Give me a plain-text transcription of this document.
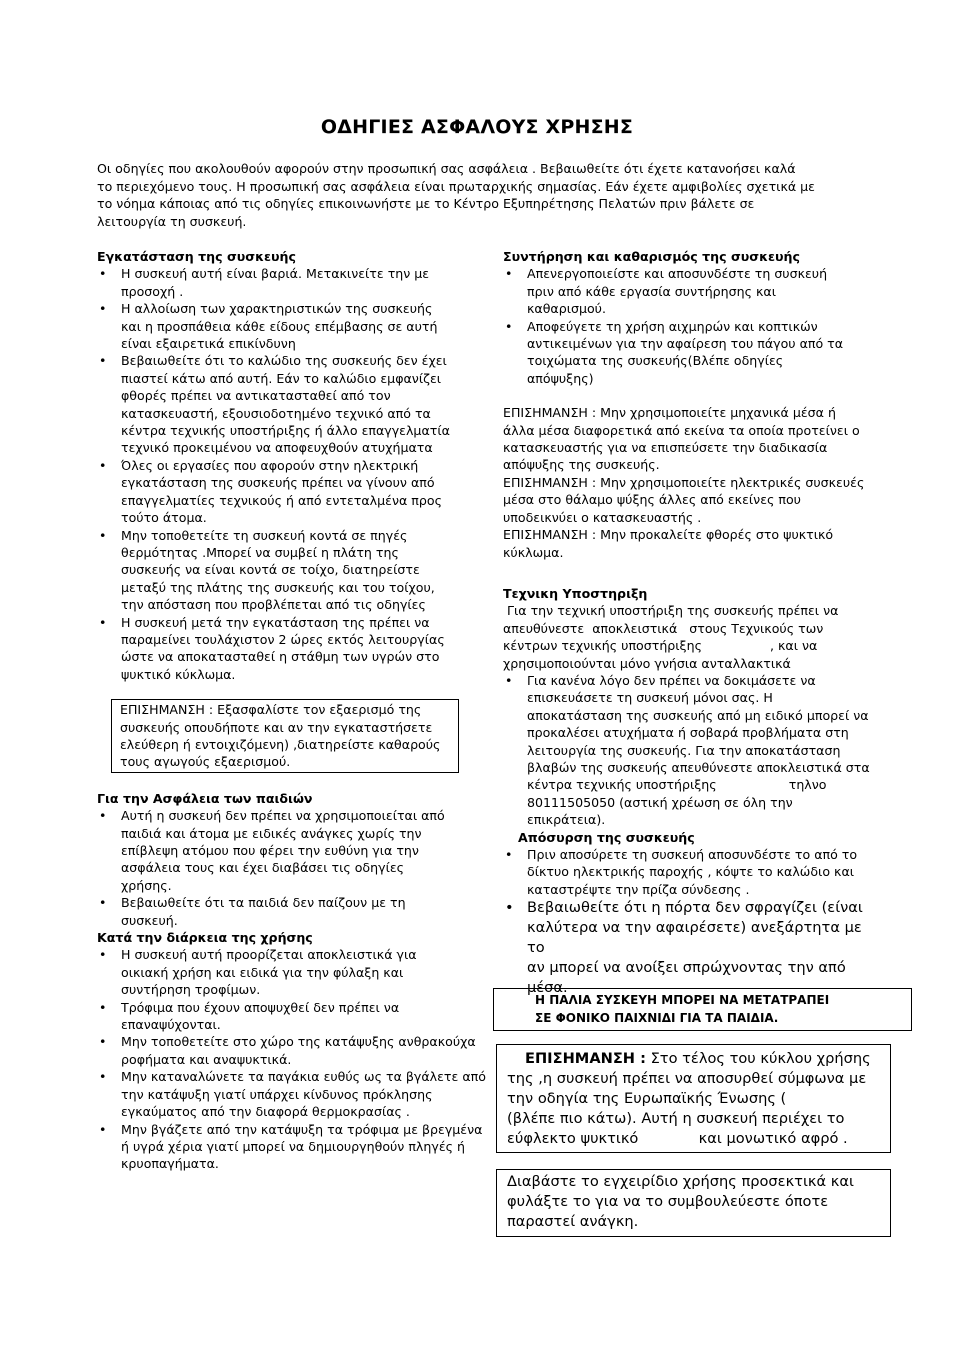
ΟΔΗΓΙΕΣ ΑΣΦΑΛΟΥΣ ΧΡΗΣΗΣ
Οι οδηγίες που ακολουθούν αφορούν στην προσωπική σας ασφάλεια . Βεβαιωθείτε ότι έχετε κατανοήσει καλά
το περιεχόμενο τους. Η προσωπική σας ασφάλεια είναι πρωταρχικής σημασίας. Εάν έχετε αμφιβολίες σχετικά με
το νόημα κάποιας από τις οδηγίες επικοινωνήστε με το Κέντρο Εξυπηρέτησης Πελατών πριν βάλετε σε
λειτουργία τη συσκευή.

Εγκατάσταση της συσκευής

• Η συσκευή αυτή είναι βαριά. Μετακινείτε την με
προσοχή .
• Η αλλοίωση των χαρακτηριστικών της συσκευής
και η προσπάθεια κάθε είδους επέμβασης σε αυτή
είναι εξαιρετικά επικίνδυνη
• Βεβαιωθείτε ότι το καλώδιο της συσκευής δεν έχει
πιαστεί κάτω από αυτή. Εάν το καλώδιο εμφανίζει
φθορές πρέπει να αντικατασταθεί από τον
κατασκευαστή, εξουσιοδοτημένο τεχνικό από τα
κέντρα τεχνικής υποστήριξης ή άλλο επαγγελματία
τεχνικό προκειμένου να αποφευχθούν ατυχήματα
• Όλες οι εργασίες που αφορούν στην ηλεκτρική
εγκατάσταση της συσκευής πρέπει να γίνουν από
επαγγελματίες τεχνικούς ή από εντεταλμένα προς
τούτο άτομα.
• Μην τοποθετείτε τη συσκευή κοντά σε πηγές
θερμότητας .Μπορεί να συμβεί η πλάτη της
συσκευής να είναι κοντά σε τοίχο, διατηρείστε
μεταξύ της πλάτης της συσκευής και του τοίχου,
την απόσταση που προβλέπεται από τις οδηγίες
• Η συσκευή μετά την εγκατάσταση της πρέπει να
παραμείνει τουλάχιστον 2 ώρες εκτός λειτουργίας
ώστε να αποκατασταθεί η στάθμη των υγρών στο
ψυκτικό κύκλωμα.
ΕΠΙΣΗΜΑΝΣΗ : Εξασφαλίστε τον εξαερισμό της
συσκευής οπουδήποτε και αν την εγκαταστήσετε
ελεύθερη ή εντοιχιζόμενη) ,διατηρείστε καθαρούς
τους αγωγούς εξαερισμού.

Για την Ασφάλεια των παιδιών

• Αυτή η συσκευή δεν πρέπει να χρησιμοποιείται από
παιδιά και άτομα με ειδικές ανάγκες χωρίς την
επίβλεψη ατόμου που φέρει την ευθύνη για την
ασφάλεια τους και έχει διαβάσει τις οδηγίες
χρήσης.
• Βεβαιωθείτε ότι τα παιδιά δεν παίζουν με τη
συσκευή.

Κατά την διάρκεια της χρήσης

• Η συσκευή αυτή προορίζεται αποκλειστικά για
οικιακή χρήση και ειδικά για την φύλαξη και
συντήρηση τροφίμων.
• Τρόφιμα που έχουν αποψυχθεί δεν πρέπει να
επαναψύχονται.
• Μην τοποθετείτε στο χώρο της κατάψυξης ανθρακούχα
ροφήματα και αναψυκτικά.
• Μην καταναλώνετε τα παγάκια ευθύς ως τα βγάλετε από
την κατάψυξη γιατί υπάρχει κίνδυνος πρόκλησης
εγκαύματος από την διαφορά θερμοκρασίας .
• Μην βγάζετε από την κατάψυξη τα τρόφιμα με βρεγμένα
ή υγρά χέρια γιατί μπορεί να δημιουργηθούν πληγές ή
κρυοπαγήματα.

Συντήρηση και καθαρισμός της συσκευής

• Απενεργοποιείστε και αποσυνδέστε τη συσκευή
πριν από κάθε εργασία συντήρησης και
καθαρισμού.
• Αποφεύγετε τη χρήση αιχμηρών και κοπτικών
αντικειμένων για την αφαίρεση του πάγου από τα
τοιχώματα της συσκευής(Βλέπε οδηγίες
απόψυξης)
ΕΠΙΣΗΜΑΝΣΗ : Μην χρησιμοποιείτε μηχανικά μέσα ή
άλλα μέσα διαφορετικά από εκείνα τα οποία προτείνει ο
κατασκευαστής για να επισπεύσετε την διαδικασία
απόψυξης της συσκευής.
ΕΠΙΣΗΜΑΝΣΗ : Μην χρησιμοποιείτε ηλεκτρικές συσκευές
μέσα στο θάλαμο ψύξης άλλες από εκείνες που
υποδεικνύει ο κατασκευαστής .
ΕΠΙΣΗΜΑΝΣΗ : Μην προκαλείτε φθορές στο ψυκτικό
κύκλωμα.

Τεχνικη Υποστηριξη

Για την τεχνική υποστήριξη της συσκευής πρέπει να
απευθύνεστε  αποκλειστικά   στους Τεχνικούς των
κέντρων τεχνικής υποστήριξης                 , και να
χρησιμοποιούνται μόνο γνήσια ανταλλακτικά
• Για κανένα λόγο δεν πρέπει να δοκιμάσετε να
επισκευάσετε τη συσκευή μόνοι σας. Η
αποκατάσταση της συσκευής από μη ειδικό μπορεί να
προκαλέσει ατυχήματα ή σοβαρά προβλήματα στη
λειτουργία της συσκευής. Για την αποκατάσταση
βλαβών της συσκευής απευθύνεστε αποκλειστικά στα
κέντρα τεχνικής υποστήριξης                  τηλνο
80111505050 (αστική χρέωση σε όλη την
επικράτεια).

Απόσυρση της συσκευής

• Πριν αποσύρετε τη συσκευή αποσυνδέστε το από το
δίκτυο ηλεκτρικής παροχής , κόψτε το καλώδιο και
καταστρέψτε την πρίζα σύνδεσης .
• Βεβαιωθείτε ότι η πόρτα δεν σφραγίζει (είναι
καλύτερα να την αφαιρέσετε) ανεξάρτητα με το
αν μπορεί να ανοίξει σπρώχνοντας την από
μέσα.
Η ΠΑΛΙΑ ΣΥΣΚΕΥΗ ΜΠΟΡΕΙ ΝΑ ΜΕΤΑΤΡΑΠΕΙ
ΣΕ ΦΟΝΙΚΟ ΠΑΙΧΝΙΔΙ ΓΙΑ ΤΑ ΠΑΙΔΙΑ.
ΕΠΙΣΗΜΑΝΣΗ : Στο τέλος του κύκλου χρήσης
της ,η συσκευή πρέπει να αποσυρθεί σύμφωνα με
την οδηγία της Ευρωπαϊκής Ένωσης (
(βλέπε πιο κάτω). Αυτή η συσκευή περιέχει το
εύφλεκτο ψυκτικό             και μονωτικό αφρό .
Διαβάστε το εγχειρίδιο χρήσης προσεκτικά και
φυλάξτε το για να το συμβουλεύεστε όποτε
παραστεί ανάγκη.
